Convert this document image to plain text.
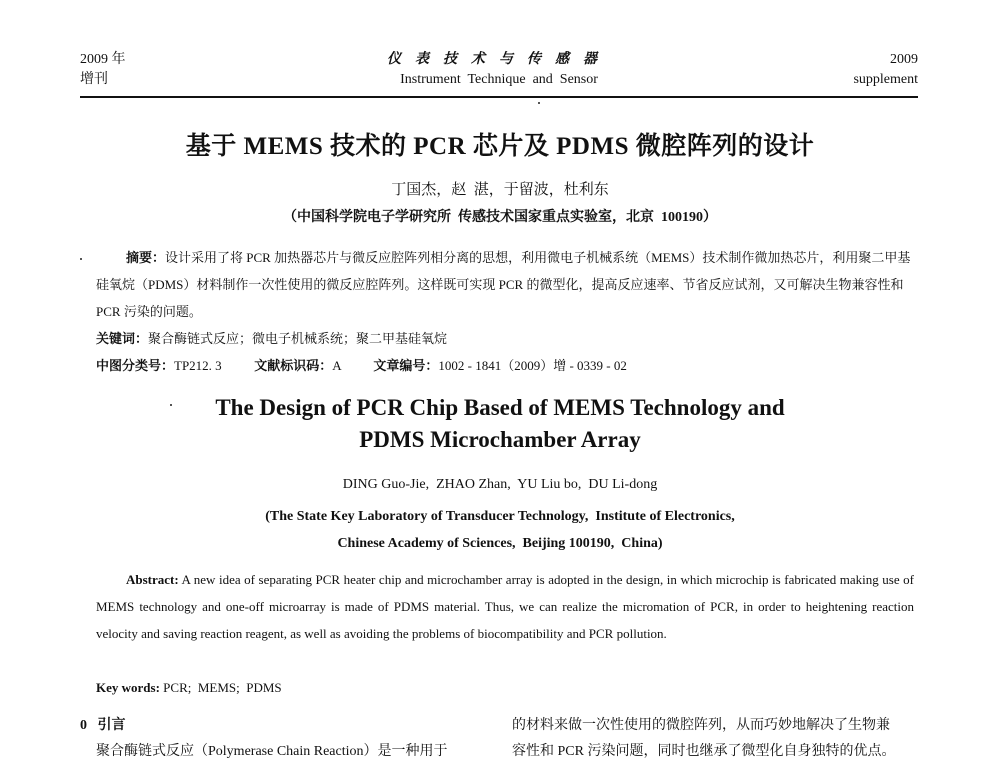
2009 年
增刊
仪表技术与传感器
Instrument  Technique  and  Sensor
2009
supplement
基于 MEMS 技术的 PCR 芯片及 PDMS 微腔阵列的设计
丁国杰，赵  湛，于留波，杜利东
（中国科学院电子学研究所  传感技术国家重点实验室，北京  100190）
摘要：设计采用了将 PCR 加热器芯片与微反应腔阵列相分离的思想，利用微电子机械系统（MEMS）技术制作微加热芯片，利用聚二甲基硅氧烷（PDMS）材料制作一次性使用的微反应腔阵列。这样既可实现 PCR 的微型化，提高反应速率、节省反应试剂，又可解决生物兼容性和 PCR 污染的问题。
关键词：聚合酶链式反应；微电子机械系统；聚二甲基硅氧烷
中图分类号：TP212. 3	文献标识码：A	文章编号：1002 - 1841（2009）增 - 0339 - 02
The Design of PCR Chip Based of MEMS Technology and
PDMS Microchamber Array
DING Guo-Jie,  ZHAO Zhan,  YU Liu bo,  DU Li-dong
(The State Key Laboratory of Transducer Technology,  Institute of Electronics,
Chinese Academy of Sciences,  Beijing 100190,  China)
Abstract: A new idea of separating PCR heater chip and microchamber array is adopted in the design, in which microchip is fabricated making use of MEMS technology and one-off microarray is made of PDMS material. Thus, we can realize the micromation of PCR, in order to heightening reaction velocity and saving reaction reagent, as well as avoiding the problems of biocompatibility and PCR pollution.
Key words: PCR;  MEMS;  PDMS
0 引言
聚合酶链式反应（Polymerase Chain Reaction）是一种用于
的材料来做一次性使用的微腔阵列，从而巧妙地解决了生物兼
容性和 PCR 污染问题，同时也继承了微型化自身独特的优点。
